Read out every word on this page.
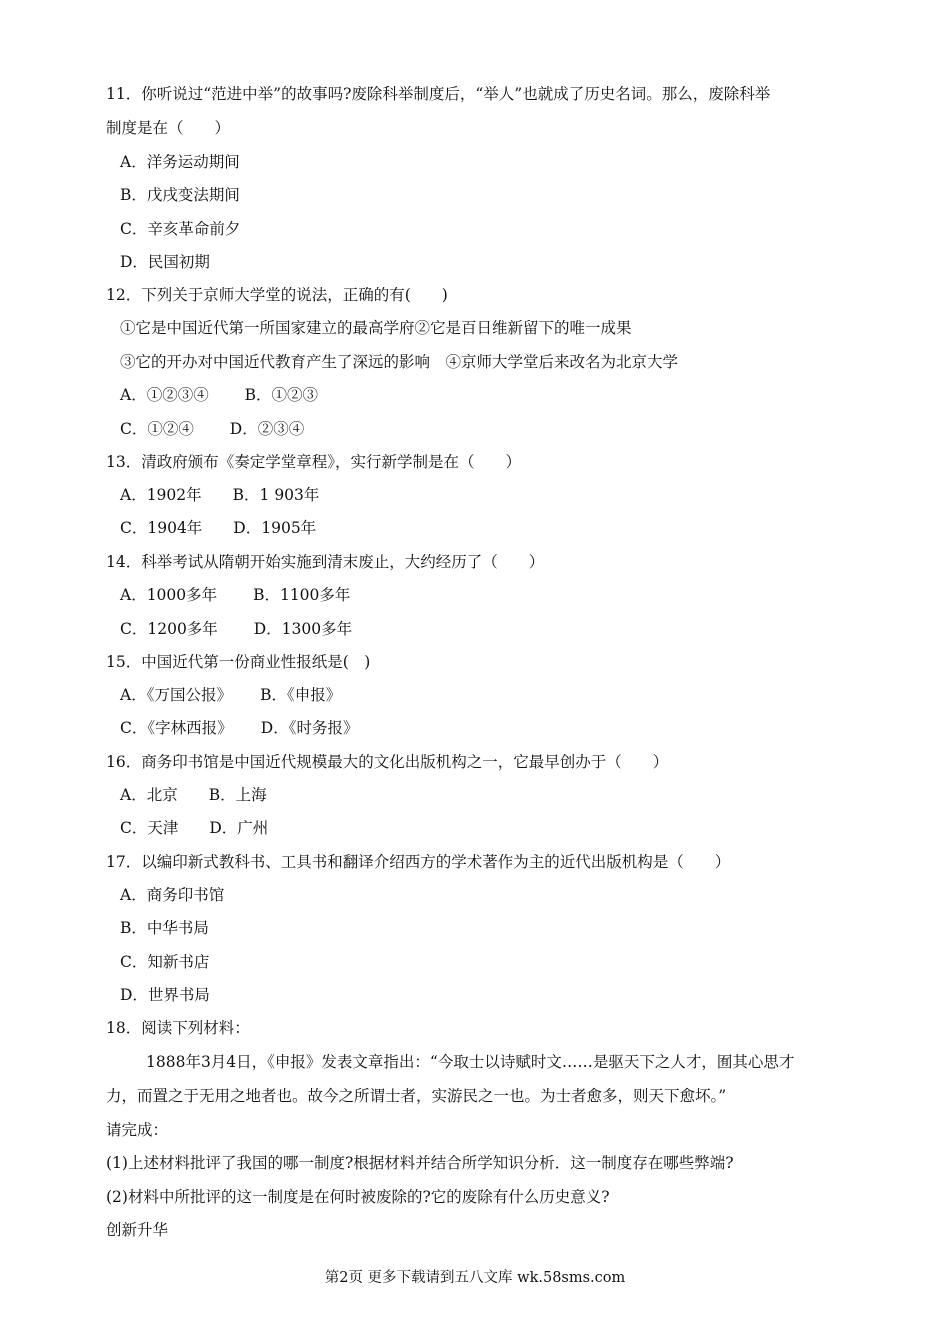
11．你听说过“范进中举”的故事吗?废除科举制度后，“举人”也就成了历史名词。那么，废除科举
制度是在（　　）
A．洋务运动期间
B．戊戌变法期间
C．辛亥革命前夕
D．民国初期
12．下列关于京师大学堂的说法，正确的有(　　)
①它是中国近代第一所国家建立的最高学府②它是百日维新留下的唯一成果
③它的开办对中国近代教育产生了深远的影响　④京师大学堂后来改名为北京大学
A．①②③④　　 B．①②③
C．①②④　　 D．②③④
13．清政府颁布《奏定学堂章程》，实行新学制是在（　　）
A．1902年　　B．1 903年
C．1904年　　D．1905年
14．科举考试从隋朝开始实施到清末废止，大约经历了（　　）
A．1000多年　　 B．1100多年
C．1200多年　　 D．1300多年
15．中国近代第一份商业性报纸是(　)
A．《万国公报》　　 B．《申报》
C．《字林西报》　　 D．《时务报》
16．商务印书馆是中国近代规模最大的文化出版机构之一，它最早创办于（　　）
A．北京　　B．上海
C．天津　　D．广州
17．以编印新式教科书、工具书和翻译介绍西方的学术著作为主的近代出版机构是（　　）
A．商务印书馆
B．中华书局
C．知新书店
D．世界书局
18．阅读下列材料：
1888年3月4日，《申报》发表文章指出：“今取士以诗赋时文……是驱天下之人才，囿其心思才
力，而置之于无用之地者也。故今之所谓士者，实游民之一也。为士者愈多，则天下愈坏。”
请完成：
(1)上述材料批评了我国的哪一制度?根据材料并结合所学知识分析．这一制度存在哪些弊端?
(2)材料中所批评的这一制度是在何时被废除的?它的废除有什么历史意义?
创新升华
第2页 更多下载请到五八文库 wk.58sms.com
